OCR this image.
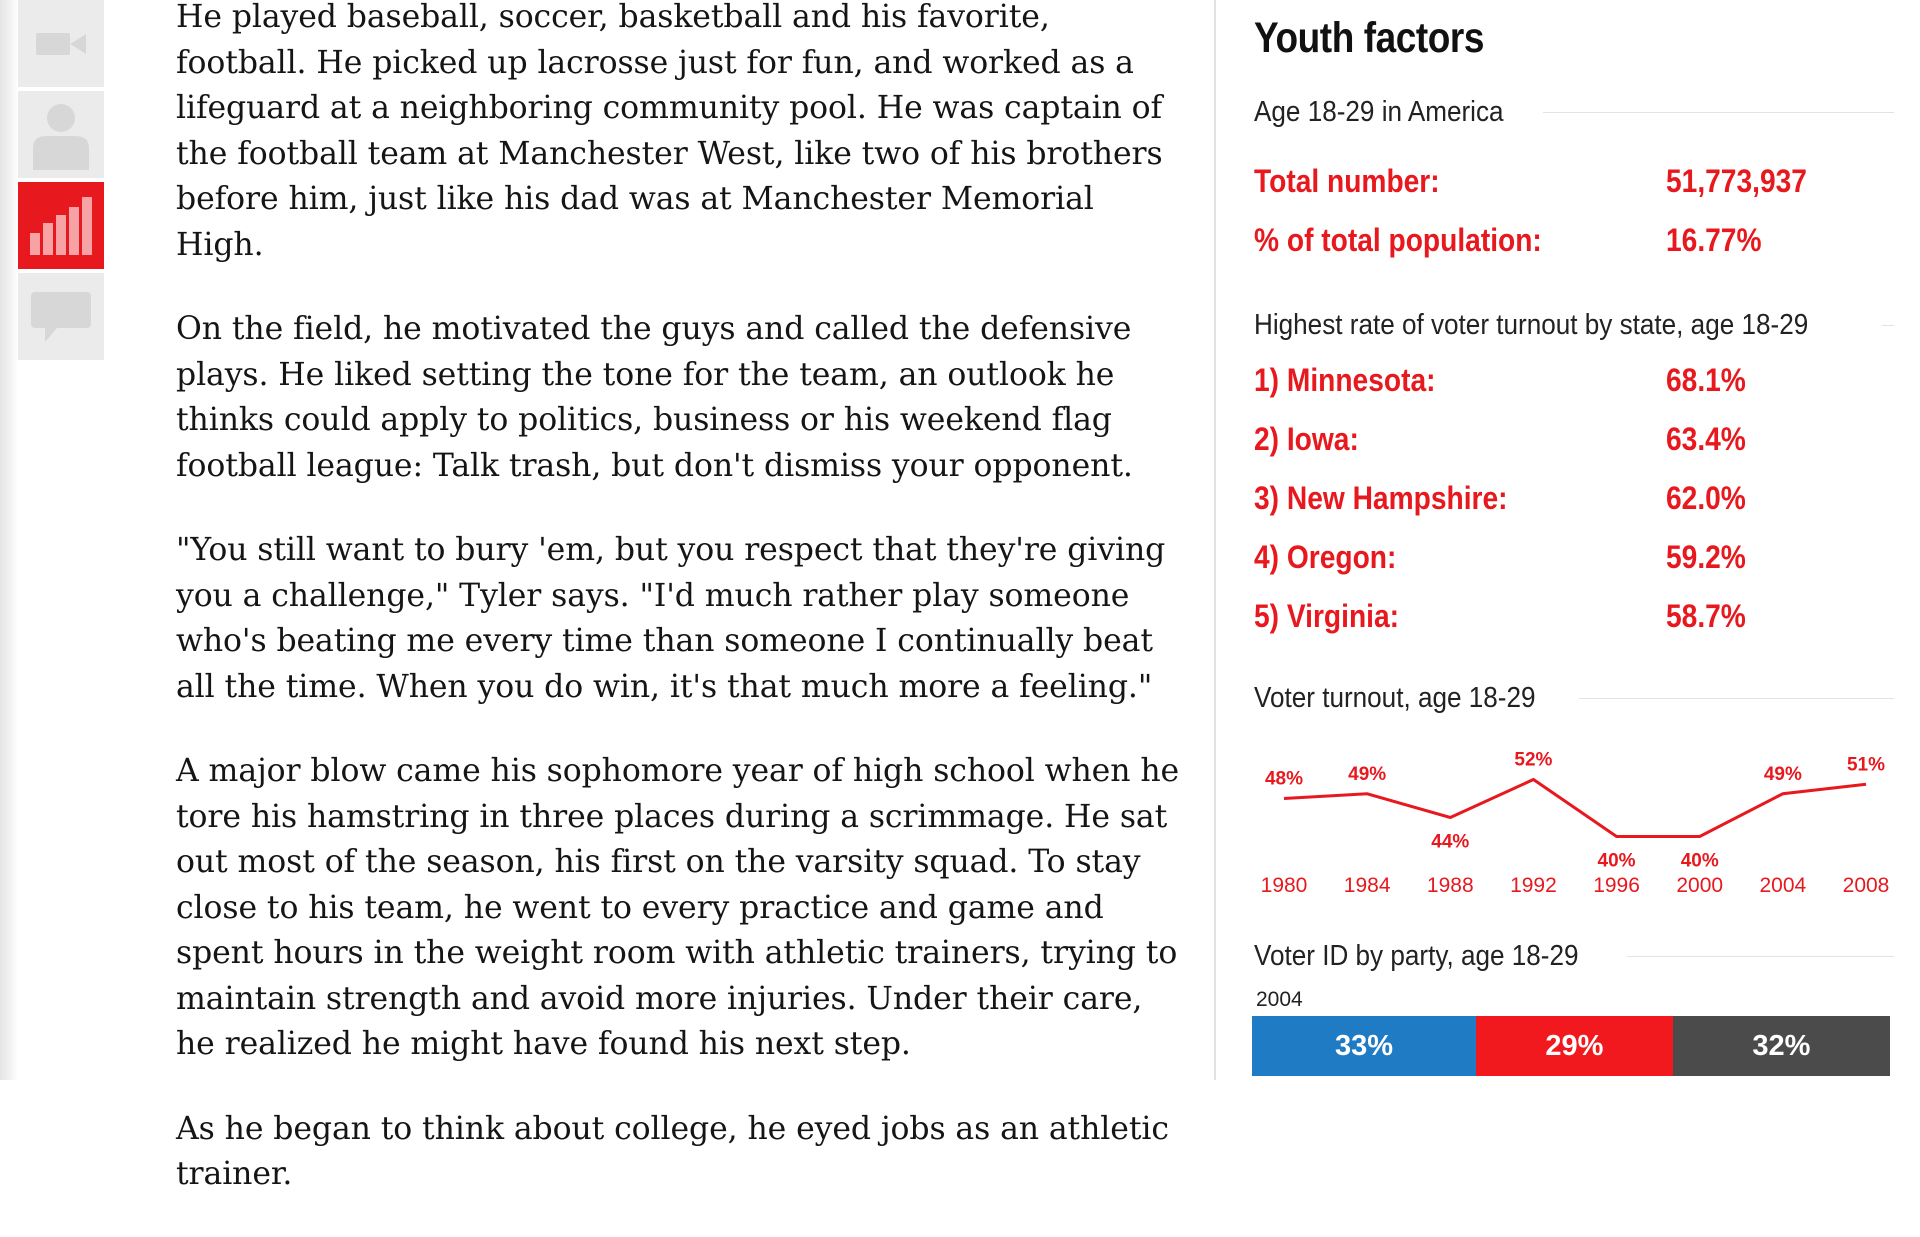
He played baseball, soccer, basketball and his favorite, football. He picked up lacrosse just for fun, and worked as a lifeguard at a neighboring community pool. He was captain of the football team at Manchester West, like two of his brothers before him, just like his dad was at Manchester Memorial High.

On the field, he motivated the guys and called the defensive plays. He liked setting the tone for the team, an outlook he thinks could apply to politics, business or his weekend flag football league: Talk trash, but don't dismiss your opponent.

"You still want to bury 'em, but you respect that they're giving you a challenge," Tyler says. "I'd much rather play someone who's beating me every time than someone I continually beat all the time. When you do win, it's that much more a feeling."

A major blow came his sophomore year of high school when he tore his hamstring in three places during a scrimmage. He sat out most of the season, his first on the varsity squad. To stay close to his team, he went to every practice and game and spent hours in the weight room with athletic trainers, trying to maintain strength and avoid more injuries. Under their care, he realized he might have found his next step.

As he began to think about college, he eyed jobs as an athletic trainer.

Youth factors
Age 18-29 in America
Total number:	51,773,937
% of total population:	16.77%
Highest rate of voter turnout by state, age 18-29
1) Minnesota:	68.1%
2) Iowa:	63.4%
3) New Hampshire:	62.0%
4) Oregon:	59.2%
5) Virginia:	58.7%
Voter turnout, age 18-29
48%
1980
49%
1984
44%
1988
52%
1992
40%
1996
40%
2000
49%
2004
51%
2008
Voter ID by party, age 18-29
2004
33%	29%	32%
